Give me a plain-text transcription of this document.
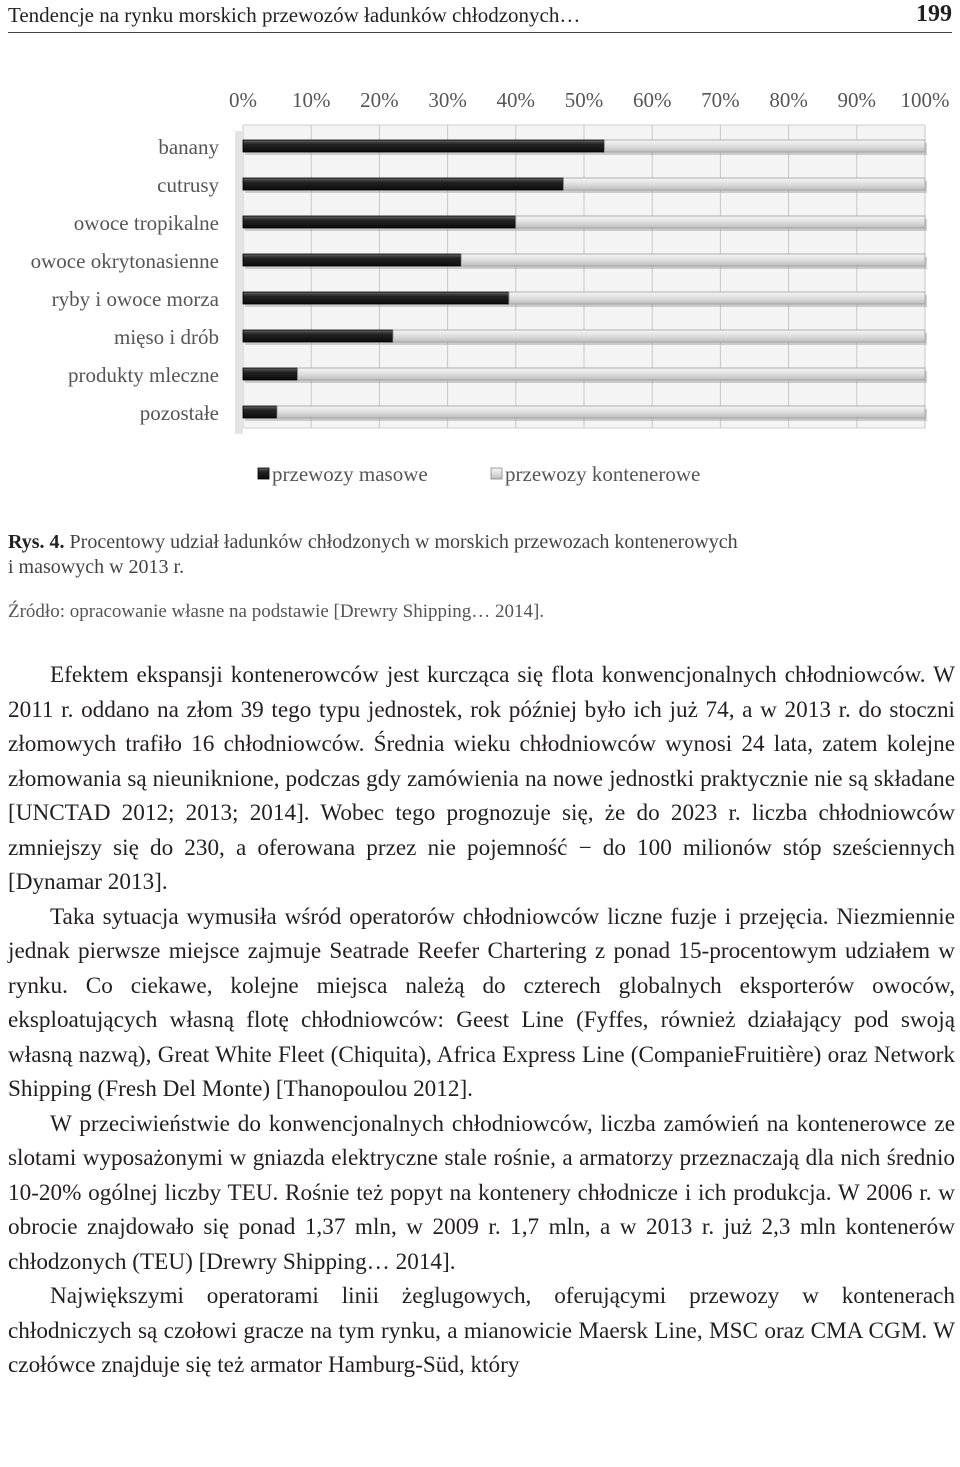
Tendencje na rynku morskich przewozów ładunków chłodzonych…	199
0% 10% 20% 30% 40% 50% 60% 70% 80% 90% 100%
banany
cutrusy
owoce tropikalne
owoce okrytonasienne
ryby i owoce morza
mięso i drób
produkty mleczne
pozostałe
przewozy masowe	przewozy kontenerowe
Rys. 4. Procentowy udział ładunków chłodzonych w morskich przewozach kontenerowych
i masowych w 2013 r.
Źródło: opracowanie własne na podstawie [Drewry Shipping… 2014].

Efektem ekspansji kontenerowców jest kurcząca się flota konwencjonalnych chłodniowców. W 2011 r. oddano na złom 39 tego typu jednostek, rok później było ich już 74, a w 2013 r. do stoczni złomowych trafiło 16 chłodniowców. Średnia wieku chłodniowców wynosi 24 lata, zatem kolejne złomowania są nieuniknione, podczas gdy zamówienia na nowe jednostki praktycznie nie są składane [UNCTAD 2012; 2013; 2014]. Wobec tego prognozuje się, że do 2023 r. liczba chłodniowców zmniejszy się do 230, a oferowana przez nie pojemność − do 100 milionów stóp sześciennych [Dynamar 2013].

Taka sytuacja wymusiła wśród operatorów chłodniowców liczne fuzje i przejęcia. Niezmiennie jednak pierwsze miejsce zajmuje Seatrade Reefer Chartering z ponad 15-procentowym udziałem w rynku. Co ciekawe, kolejne miejsca należą do czterech globalnych eksporterów owoców, eksploatujących własną flotę chłodniowców: Geest Line (Fyffes, również działający pod swoją własną nazwą), Great White Fleet (Chiquita), Africa Express Line (CompanieFruitière) oraz Network Shipping (Fresh Del Monte) [Thanopoulou 2012].

W przeciwieństwie do konwencjonalnych chłodniowców, liczba zamówień na kontenerowce ze slotami wyposażonymi w gniazda elektryczne stale rośnie, a armatorzy przeznaczają dla nich średnio 10-20% ogólnej liczby TEU. Rośnie też popyt na kontenery chłodnicze i ich produkcja. W 2006 r. w obrocie znajdowało się ponad 1,37 mln, w 2009 r. 1,7 mln, a w 2013 r. już 2,3 mln kontenerów chłodzonych (TEU) [Drewry Shipping… 2014].

Największymi operatorami linii żeglugowych, oferującymi przewozy w kontenerach chłodniczych są czołowi gracze na tym rynku, a mianowicie Maersk Line, MSC oraz CMA CGM. W czołówce znajduje się też armator Hamburg-Süd, który
